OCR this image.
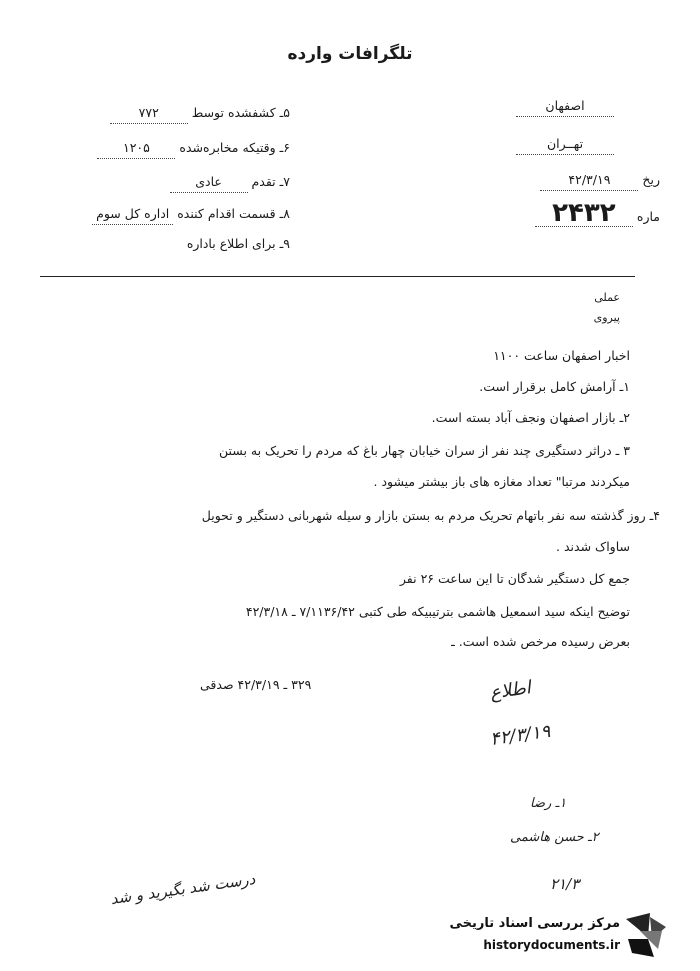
تلگرافات وارده
اصفهان
تهــران
ریخ ۴۲/۳/۱۹
ماره ۲۴۳۲
۵ـ کشفشده توسط ۷۷۲
۶ـ وقتیکه مخابره‌شده ۱۲۰۵
۷ـ تقدم عادی
۸ـ قسمت اقدام کننده اداره کل سوم
۹ـ برای اطلاع باداره
عملی
پیروی
اخبار اصفهان ساعت ۱۱۰۰
۱ـ آرامش کامل برقرار است.
۲ـ بازار اصفهان ونجف آباد بسته است.
۳ ـ دراثر دستگیری چند نفر از سران خیابان چهار باغ که مردم را تحریک به بستن
میکردند مرتبا" تعداد مغازه های باز بیشتر میشود .
۴ـ روز گذشته سه نفر باتهام تحریک مردم به بستن بازار و سیله شهربانی دستگیر و تحویل
ساواک شدند .
جمع کل دستگیر شدگان تا این ساعت ۲۶ نفر
توضیح اینکه سید اسمعیل هاشمی بترتیبیکه طی کتبی ۷/۱۱۳۶/۴۲ ـ ۴۲/۳/۱۸
بعرض رسیده مرخص شده است. ـ
۳۲۹ ـ ۴۲/۳/۱۹ صدقی	اطلاع
۴۲/۳/۱۹
۱ـ رضا
۲ـ حسن هاشمی
۲۱/۳
درست شد بگیرید و شد
مرکز بررسی اسناد تاریخی
historydocuments.ir
